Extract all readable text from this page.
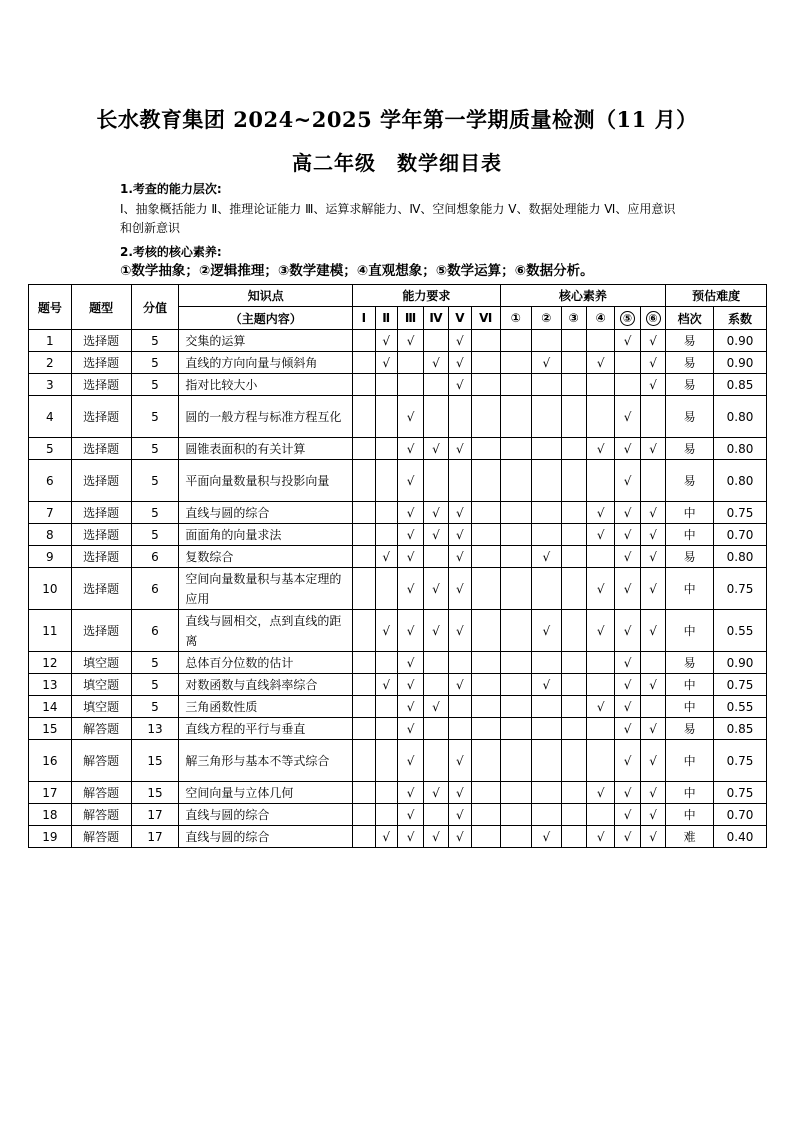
长水教育集团 2024~2025 学年第一学期质量检测（11 月）
高二年级　数学细目表
1.考查的能力层次:
Ⅰ、抽象概括能力 Ⅱ、推理论证能力 Ⅲ、运算求解能力、Ⅳ、空间想象能力 Ⅴ、数据处理能力 Ⅵ、应用意识和创新意识
2.考核的核心素养:
①数学抽象；②逻辑推理；③数学建模；④直观想象；⑤数学运算；⑥数据分析。
题号	题型	分值	知识点	能力要求						核心素养						预估难度	
			（主题内容）	Ⅰ	Ⅱ	Ⅲ	Ⅳ	Ⅴ	Ⅵ	①	②	③	④	⑤	⑥	档次	系数
1	选择题	5	交集的运算		√	√		√						√	√	易	0.90
2	选择题	5	直线的方向向量与倾斜角		√		√	√			√		√		√	易	0.90
3	选择题	5	指对比较大小					√							√	易	0.85
4	选择题	5	圆的一般方程与标准方程互化			√								√		易	0.80
5	选择题	5	圆锥表面积的有关计算			√	√	√					√	√	√	易	0.80
6	选择题	5	平面向量数量积与投影向量			√								√		易	0.80
7	选择题	5	直线与圆的综合			√	√	√					√	√	√	中	0.75
8	选择题	5	面面角的向量求法			√	√	√					√	√	√	中	0.70
9	选择题	6	复数综合		√	√		√			√			√	√	易	0.80
10	选择题	6	空间向量数量积与基本定理的应用			√	√	√					√	√	√	中	0.75
11	选择题	6	直线与圆相交，点到直线的距离		√	√	√	√			√		√	√	√	中	0.55
12	填空题	5	总体百分位数的估计			√								√		易	0.90
13	填空题	5	对数函数与直线斜率综合		√	√		√			√			√	√	中	0.75
14	填空题	5	三角函数性质			√	√						√	√		中	0.55
15	解答题	13	直线方程的平行与垂直			√								√	√	易	0.85
16	解答题	15	解三角形与基本不等式综合			√		√						√	√	中	0.75
17	解答题	15	空间向量与立体几何			√	√	√					√	√	√	中	0.75
18	解答题	17	直线与圆的综合			√		√						√	√	中	0.70
19	解答题	17	直线与圆的综合		√	√	√	√			√		√	√	√	难	0.40
